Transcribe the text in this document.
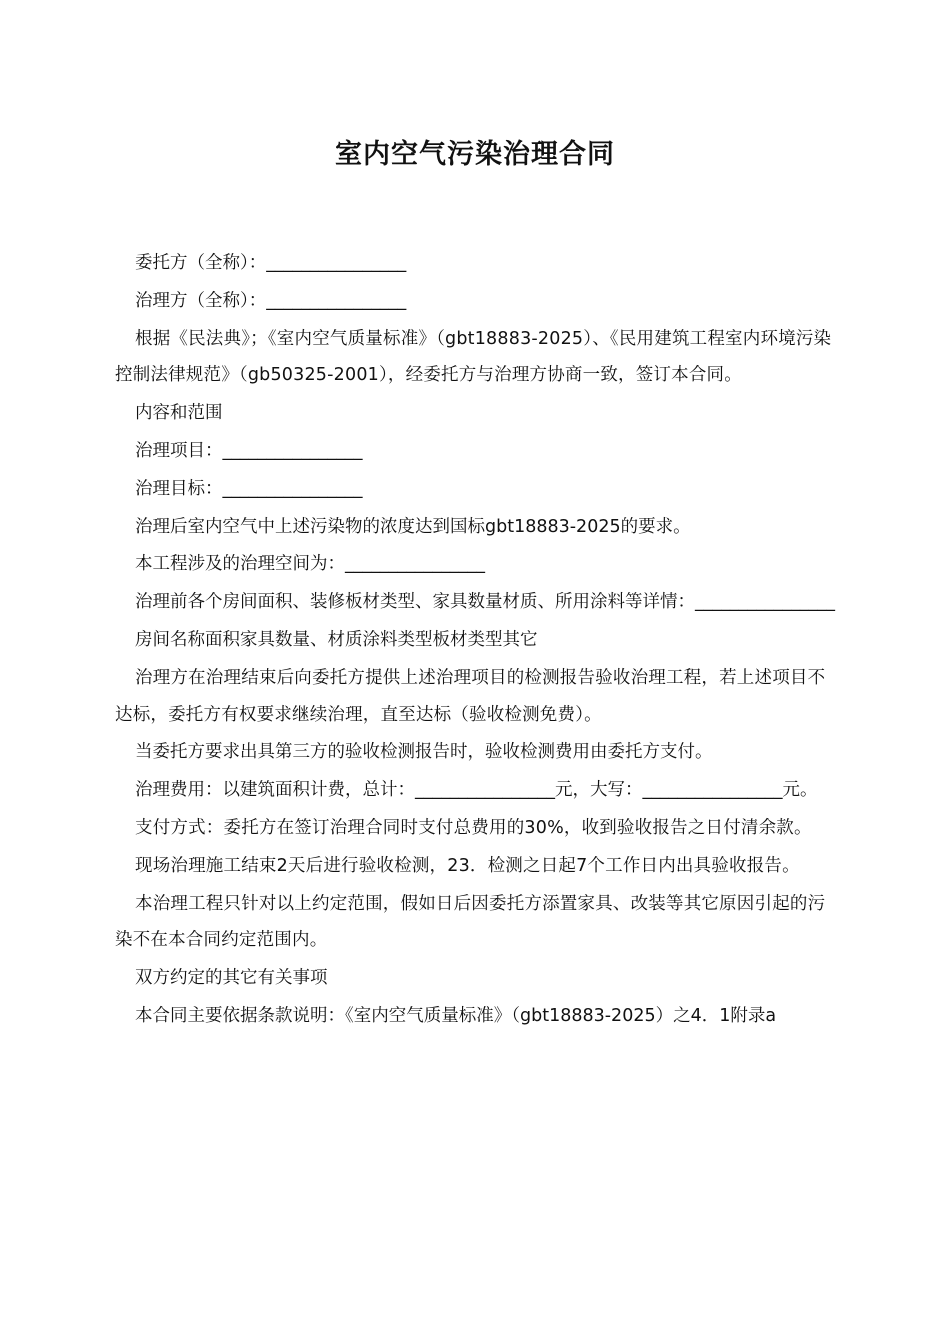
室内空气污染治理合同

委托方（全称）：________________

治理方（全称）：________________

根据《民法典》；《室内空气质量标准》（gbt18883-2025）、《民用建筑工程室内环境污染控制法律规范》（gb50325-2001），经委托方与治理方协商一致，签订本合同。

内容和范围

治理项目：________________

治理目标：________________

治理后室内空气中上述污染物的浓度达到国标gbt18883-2025的要求。

本工程涉及的治理空间为：________________

治理前各个房间面积、装修板材类型、家具数量材质、所用涂料等详情：________________

房间名称面积家具数量、材质涂料类型板材类型其它

治理方在治理结束后向委托方提供上述治理项目的检测报告验收治理工程，若上述项目不达标，委托方有权要求继续治理，直至达标（验收检测免费）。

当委托方要求出具第三方的验收检测报告时，验收检测费用由委托方支付。

治理费用：以建筑面积计费，总计：________________元，大写：________________元。

支付方式：委托方在签订治理合同时支付总费用的30%，收到验收报告之日付清余款。

现场治理施工结束2天后进行验收检测，23．检测之日起7个工作日内出具验收报告。

本治理工程只针对以上约定范围，假如日后因委托方添置家具、改装等其它原因引起的污染不在本合同约定范围内。

双方约定的其它有关事项

本合同主要依据条款说明：《室内空气质量标准》（gbt18883-2025）之4．1附录a
